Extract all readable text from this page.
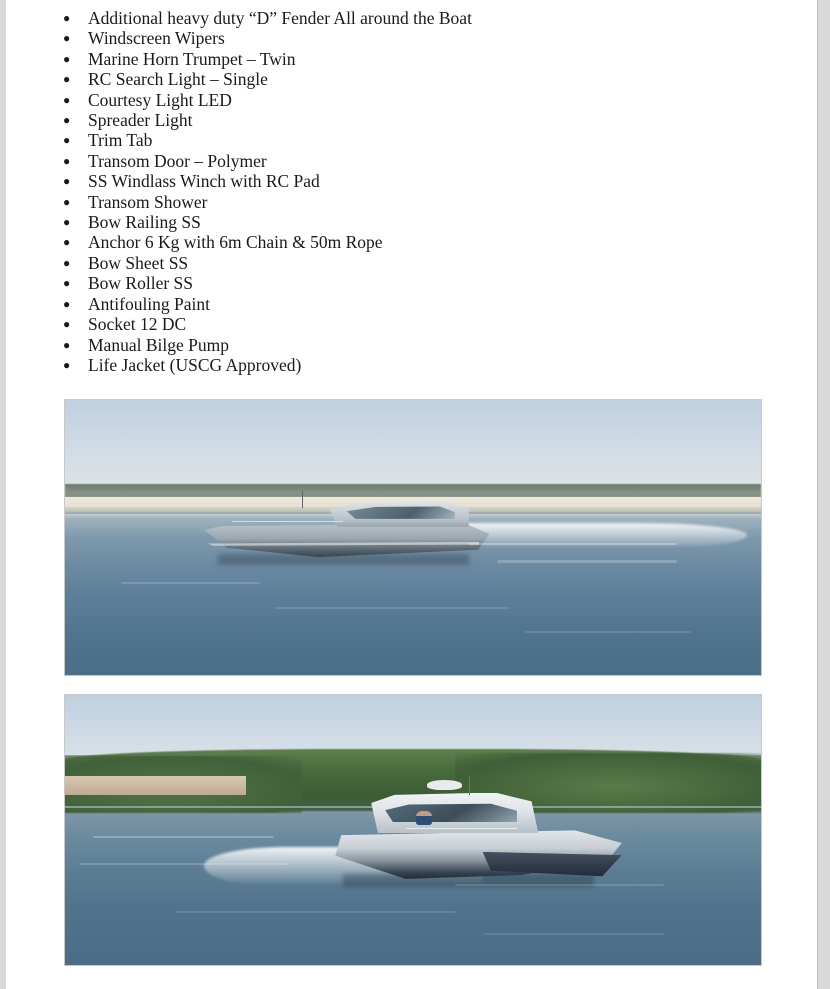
● Additional heavy duty “D” Fender All around the Boat
● Windscreen Wipers
● Marine Horn Trumpet – Twin
● RC Search Light – Single
● Courtesy Light LED
● Spreader Light
● Trim Tab
● Transom Door – Polymer
● SS Windlass Winch with RC Pad
● Transom Shower
● Bow Railing SS
● Anchor 6 Kg with 6m Chain & 50m Rope
● Bow Sheet SS
● Bow Roller SS
● Antifouling Paint
● Socket 12 DC
● Manual Bilge Pump
● Life Jacket (USCG Approved)
